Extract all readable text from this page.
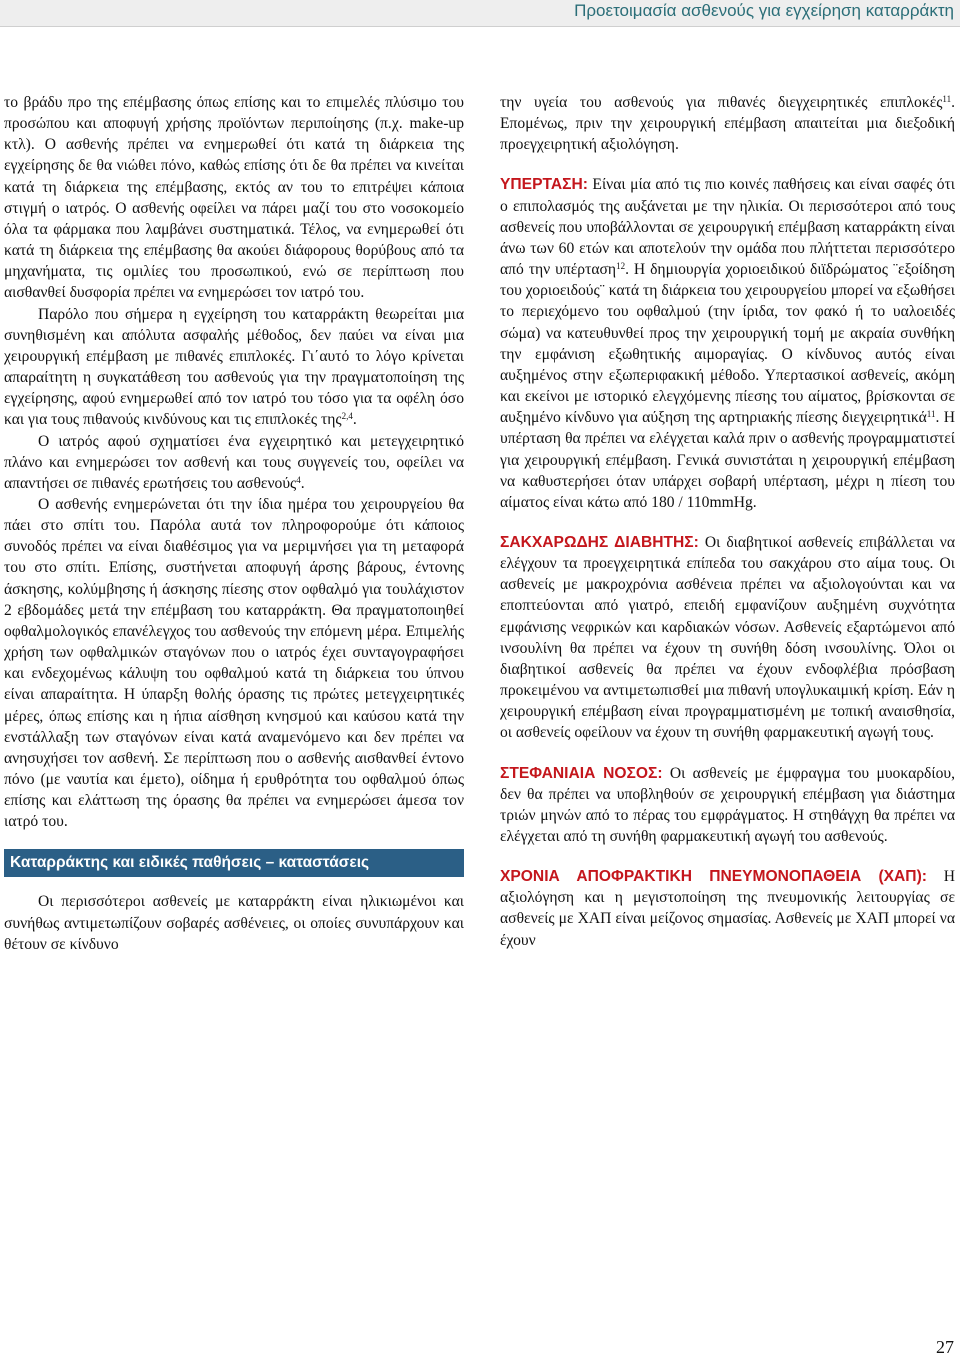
Προετοιμασία ασθενούς για εγχείρηση καταρράκτη

το βράδυ προ της επέμβασης όπως επίσης και το επιμελές πλύσιμο του προσώπου και αποφυγή χρήσης προϊόντων περιποίησης (π.χ. make-up κτλ). Ο ασθενής πρέπει να ενημερωθεί ότι κατά τη διάρκεια της εγχείρησης δε θα νιώθει πόνο, καθώς επίσης ότι δε θα πρέπει να κινείται κατά τη διάρκεια της επέμβασης, εκτός αν του το επιτρέψει κάποια στιγμή ο ιατρός. Ο ασθενής οφείλει να πάρει μαζί του στο νοσοκομείο όλα τα φάρμακα που λαμβάνει συστηματικά. Τέλος, να ενημερωθεί ότι κατά τη διάρκεια της επέμβασης θα ακούει διάφορους θορύβους από τα μηχανήματα, τις ομιλίες του προσωπικού, ενώ σε περίπτωση που αισθανθεί δυσφορία πρέπει να ενημερώσει τον ιατρό του.

Παρόλο που σήμερα η εγχείρηση του καταρράκτη θεωρείται μια συνηθισμένη και απόλυτα ασφαλής μέθοδος, δεν παύει να είναι μια χειρουργική επέμβαση με πιθανές επιπλοκές. Γι΄αυτό το λόγο κρίνεται απαραίτητη η συγκατάθεση του ασθενούς για την πραγματοποίηση της εγχείρησης, αφού ενημερωθεί από τον ιατρό του τόσο για τα οφέλη όσο και για τους πιθανούς κινδύνους και τις επιπλοκές της$^{2,4}$.

Ο ιατρός αφού σχηματίσει ένα εγχειρητικό και μετεγχειρητικό πλάνο και ενημερώσει τον ασθενή και τους συγγενείς του, οφείλει να απαντήσει σε πιθανές ερωτήσεις του ασθενούς$^4$.

Ο ασθενής ενημερώνεται ότι την ίδια ημέρα του χειρουργείου θα πάει στο σπίτι του. Παρόλα αυτά τον πληροφορούμε ότι κάποιος συνοδός πρέπει να είναι διαθέσιμος για να μεριμνήσει για τη μεταφορά του στο σπίτι. Επίσης, συστήνεται αποφυγή άρσης βάρους, έντονης άσκησης, κολύμβησης ή άσκησης πίεσης στον οφθαλμό για τουλάχιστον 2 εβδομάδες μετά την επέμβαση του καταρράκτη. Θα πραγματοποιηθεί οφθαλμολογικός επανέλεγχος του ασθενούς την επόμενη μέρα. Επιμελής χρήση των οφθαλμικών σταγόνων που ο ιατρός έχει συνταγογραφήσει και ενδεχομένως κάλυψη του οφθαλμού κατά τη διάρκεια του ύπνου είναι απαραίτητα. Η ύπαρξη θολής όρασης τις πρώτες μετεγχειρητικές μέρες, όπως επίσης και η ήπια αίσθηση κνησμού και καύσου κατά την ενστάλλαξη των σταγόνων είναι κατά αναμενόμενο και δεν πρέπει να ανησυχήσει τον ασθενή. Σε περίπτωση που ο ασθενής αισθανθεί έντονο πόνο (με ναυτία και έμετο), οίδημα ή ερυθρότητα του οφθαλμού όπως επίσης και ελάττωση της όρασης θα πρέπει να ενημερώσει άμεσα τον ιατρό του.

Καταρράκτης και ειδικές παθήσεις – καταστάσεις

Οι περισσότεροι ασθενείς με καταρράκτη είναι ηλικιωμένοι και συνήθως αντιμετωπίζουν σοβαρές ασθένειες, οι οποίες συνυπάρχουν και θέτουν σε κίνδυνο

την υγεία του ασθενούς για πιθανές διεγχειρητικές επιπλοκές$^{11}$. Επομένως, πριν την χειρουργική επέμβαση απαιτείται μια διεξοδική προεγχειρητική αξιολόγηση.

ΥΠΕΡΤΑΣΗ: Είναι μία από τις πιο κοινές παθήσεις και είναι σαφές ότι ο επιπολασμός της αυξάνεται με την ηλικία. Οι περισσότεροι από τους ασθενείς που υποβάλλονται σε χειρουργική επέμβαση καταρράκτη είναι άνω των 60 ετών και αποτελούν την ομάδα που πλήττεται περισσότερο από την υπέρταση$^{12}$. Η δημιουργία χοριοειδικού διϊδρώματος ¨εξοίδηση του χοριοειδούς¨ κατά τη διάρκεια του χειρουργείου μπορεί να εξωθήσει το περιεχόμενο του οφθαλμού (την ίριδα, τον φακό ή το υαλοειδές σώμα) να κατευθυνθεί προς την χειρουργική τομή με ακραία συνθήκη την εμφάνιση εξωθητικής αιμοραγίας. Ο κίνδυνος αυτός είναι αυξημένος στην εξωπεριφακική μέθοδο. Υπερτασικοί ασθενείς, ακόμη και εκείνοι με ιστορικό ελεγχόμενης πίεσης του αίματος, βρίσκονται σε αυξημένο κίνδυνο για αύξηση της αρτηριακής πίεσης διεγχειρητικά$^{11}$. Η υπέρταση θα πρέπει να ελέγχεται καλά πριν ο ασθενής προγραμματιστεί για χειρουργική επέμβαση. Γενικά συνιστάται η χειρουργική επέμβαση να καθυστερήσει όταν υπάρχει σοβαρή υπέρταση, μέχρι η πίεση του αίματος είναι κάτω από 180 / 110mmHg.

ΣΑΚΧΑΡΩΔΗΣ ΔΙΑΒΗΤΗΣ: Οι διαβητικοί ασθενείς επιβάλλεται να ελέγχουν τα προεγχειρητικά επίπεδα του σακχάρου στο αίμα τους. Οι ασθενείς με μακροχρόνια ασθένεια πρέπει να αξιολογούνται και να εποπτεύονται από γιατρό, επειδή εμφανίζουν αυξημένη συχνότητα εμφάνισης νεφρικών και καρδιακών νόσων. Ασθενείς εξαρτώμενοι από ινσουλίνη θα πρέπει να έχουν τη συνήθη δόση ινσουλίνης. Όλοι οι διαβητικοί ασθενείς θα πρέπει να έχουν ενδοφλέβια πρόσβαση προκειμένου να αντιμετωπισθεί μια πιθανή υπογλυκαιμική κρίση. Εάν η χειρουργική επέμβαση είναι προγραμματισμένη με τοπική αναισθησία, οι ασθενείς οφείλουν να έχουν τη συνήθη φαρμακευτική αγωγή τους.

ΣΤΕΦΑΝΙΑΙΑ ΝΟΣΟΣ: Οι ασθενείς με έμφραγμα του μυοκαρδίου, δεν θα πρέπει να υποβληθούν σε χειρουργική επέμβαση για διάστημα τριών μηνών από το πέρας του εμφράγματος. Η στηθάγχη θα πρέπει να ελέγχεται από τη συνήθη φαρμακευτική αγωγή του ασθενούς.

ΧΡΟΝΙΑ ΑΠΟΦΡΑΚΤΙΚΗ ΠΝΕΥΜΟΝΟΠΑΘΕΙΑ (ΧΑΠ): Η αξιολόγηση και η μεγιστοποίηση της πνευμονικής λειτουργίας σε ασθενείς με ΧΑΠ είναι μείζονος σημασίας. Ασθενείς με ΧΑΠ μπορεί να έχουν

27
